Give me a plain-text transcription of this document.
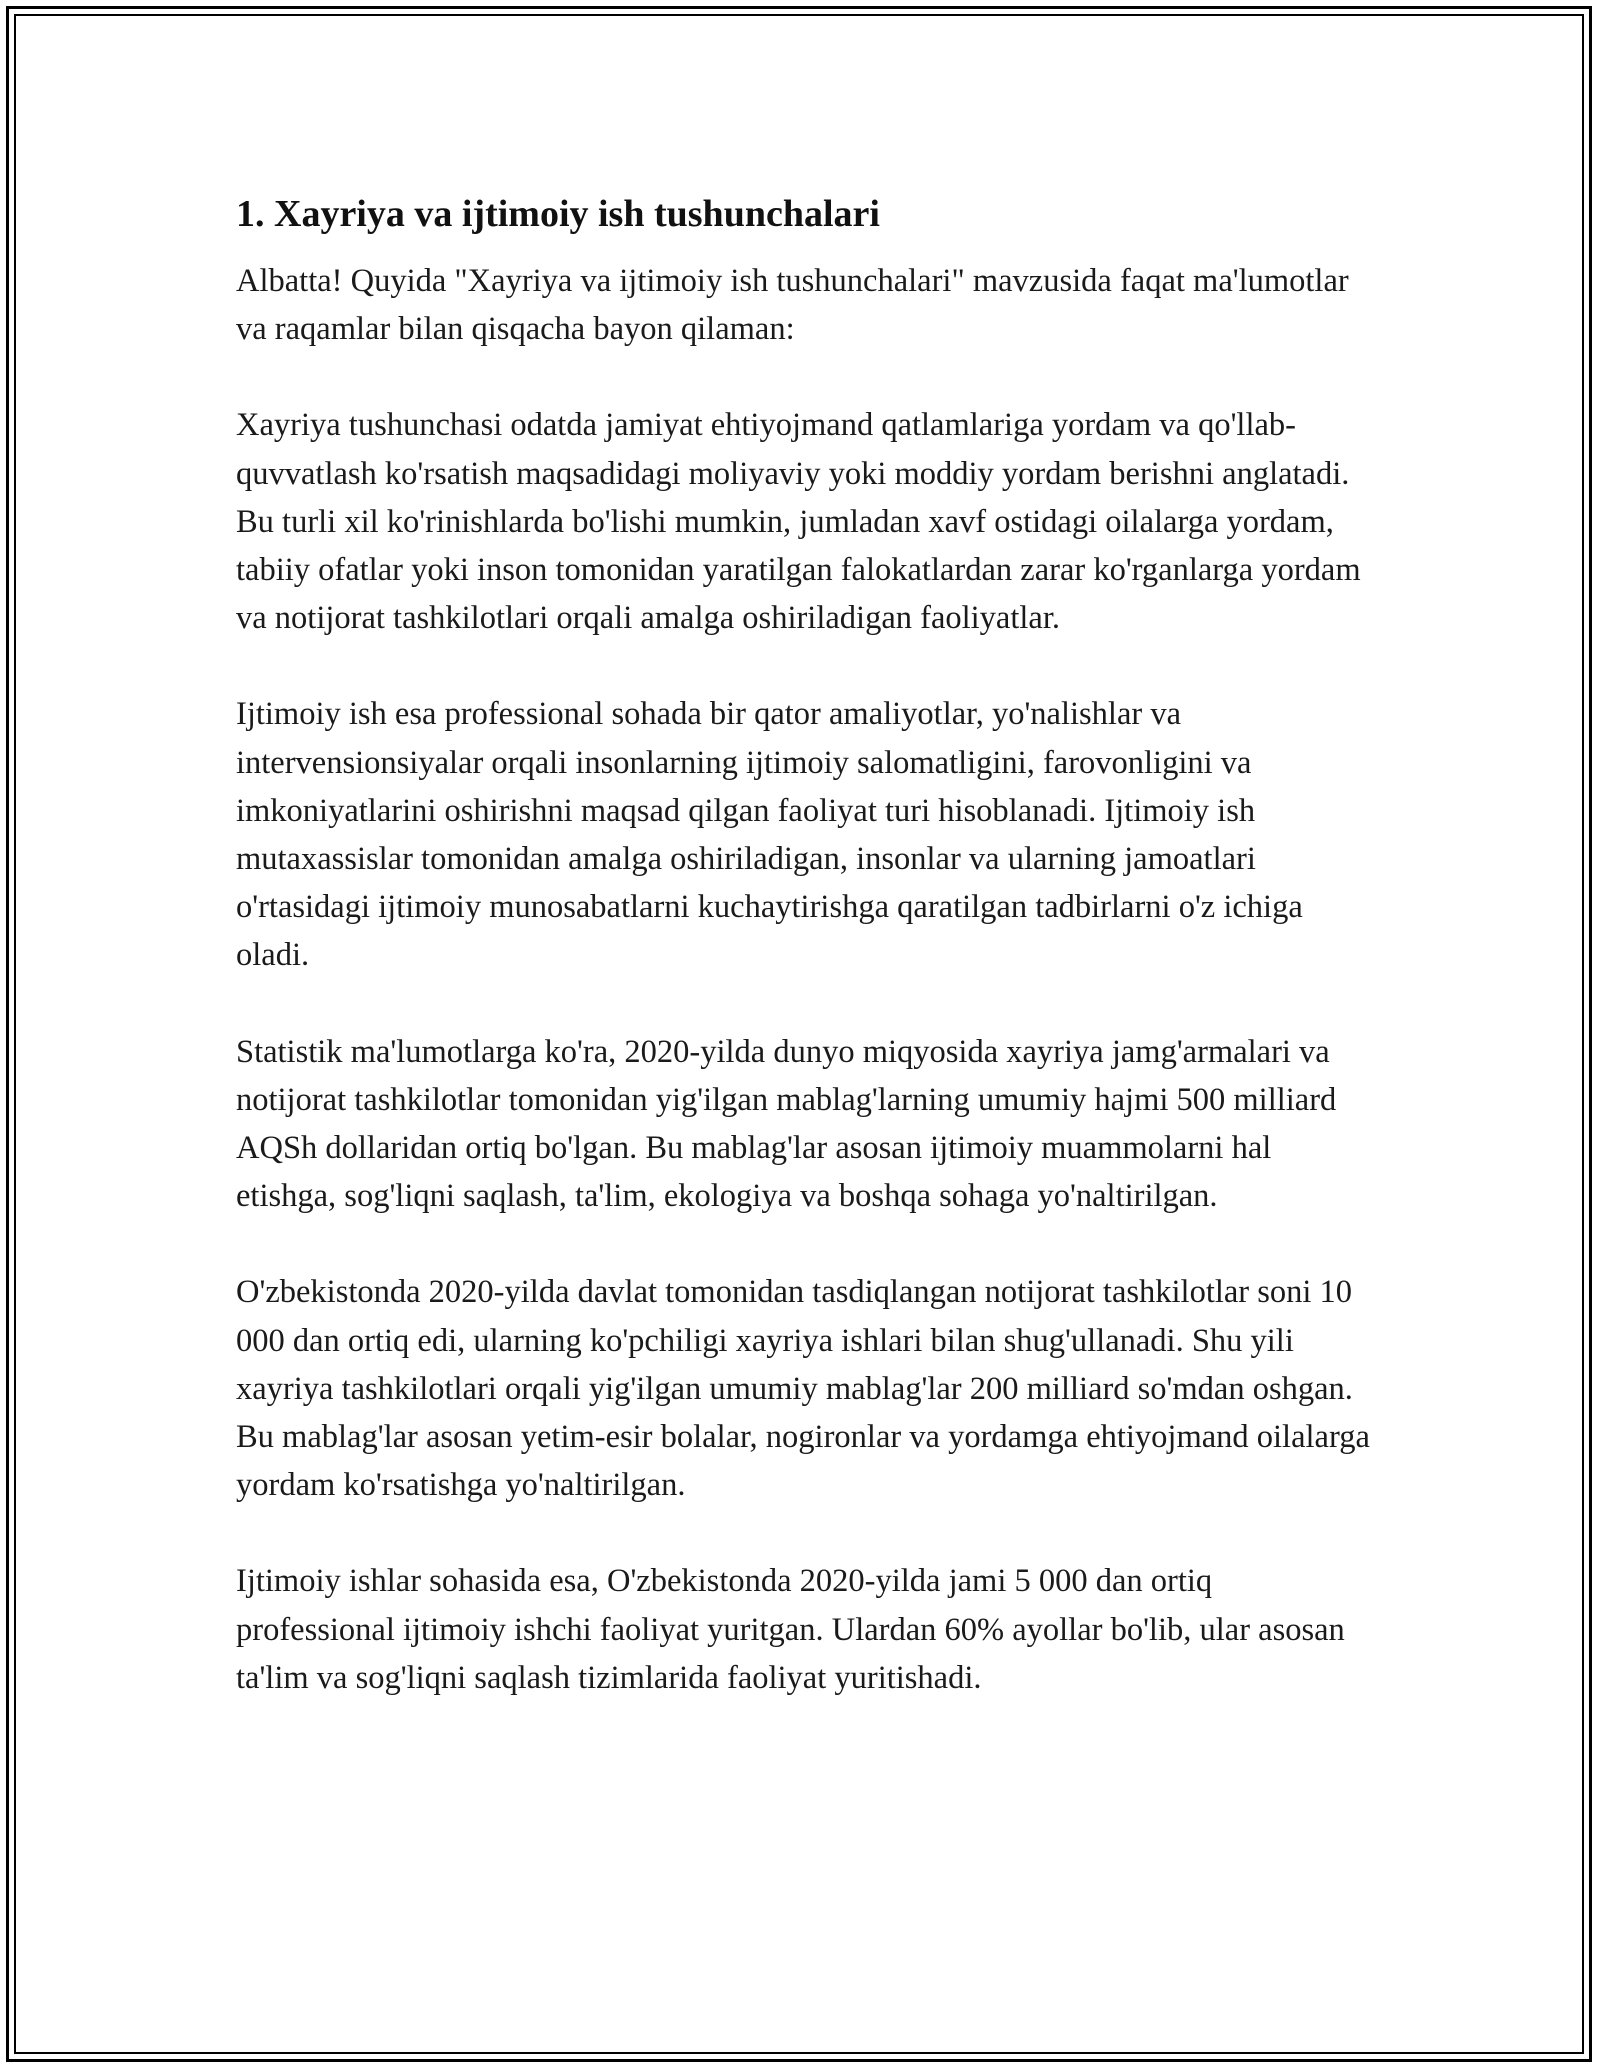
1. Xayriya va ijtimoiy ish tushunchalari

Albatta! Quyida "Xayriya va ijtimoiy ish tushunchalari" mavzusida faqat ma'lumotlar va raqamlar bilan qisqacha bayon qilaman:

Xayriya tushunchasi odatda jamiyat ehtiyojmand qatlamlariga yordam va qo'llab-quvvatlash ko'rsatish maqsadidagi moliyaviy yoki moddiy yordam berishni anglatadi. Bu turli xil ko'rinishlarda bo'lishi mumkin, jumladan xavf ostidagi oilalarga yordam, tabiiy ofatlar yoki inson tomonidan yaratilgan falokatlardan zarar ko'rganlarga yordam va notijorat tashkilotlari orqali amalga oshiriladigan faoliyatlar.

Ijtimoiy ish esa professional sohada bir qator amaliyotlar, yo'nalishlar va intervensionsiyalar orqali insonlarning ijtimoiy salomatligini, farovonligini va imkoniyatlarini oshirishni maqsad qilgan faoliyat turi hisoblanadi. Ijtimoiy ish mutaxassislar tomonidan amalga oshiriladigan, insonlar va ularning jamoatlari o'rtasidagi ijtimoiy munosabatlarni kuchaytirishga qaratilgan tadbirlarni o'z ichiga oladi.

Statistik ma'lumotlarga ko'ra, 2020-yilda dunyo miqyosida xayriya jamg'armalari va notijorat tashkilotlar tomonidan yig'ilgan mablag'larning umumiy hajmi 500 milliard AQSh dollaridan ortiq bo'lgan. Bu mablag'lar asosan ijtimoiy muammolarni hal etishga, sog'liqni saqlash, ta'lim, ekologiya va boshqa sohaga yo'naltirilgan.

O'zbekistonda 2020-yilda davlat tomonidan tasdiqlangan notijorat tashkilotlar soni 10 000 dan ortiq edi, ularning ko'pchiligi xayriya ishlari bilan shug'ullanadi. Shu yili xayriya tashkilotlari orqali yig'ilgan umumiy mablag'lar 200 milliard so'mdan oshgan. Bu mablag'lar asosan yetim-esir bolalar, nogironlar va yordamga ehtiyojmand oilalarga yordam ko'rsatishga yo'naltirilgan.

Ijtimoiy ishlar sohasida esa, O'zbekistonda 2020-yilda jami 5 000 dan ortiq professional ijtimoiy ishchi faoliyat yuritgan. Ulardan 60% ayollar bo'lib, ular asosan ta'lim va sog'liqni saqlash tizimlarida faoliyat yuritishadi.
